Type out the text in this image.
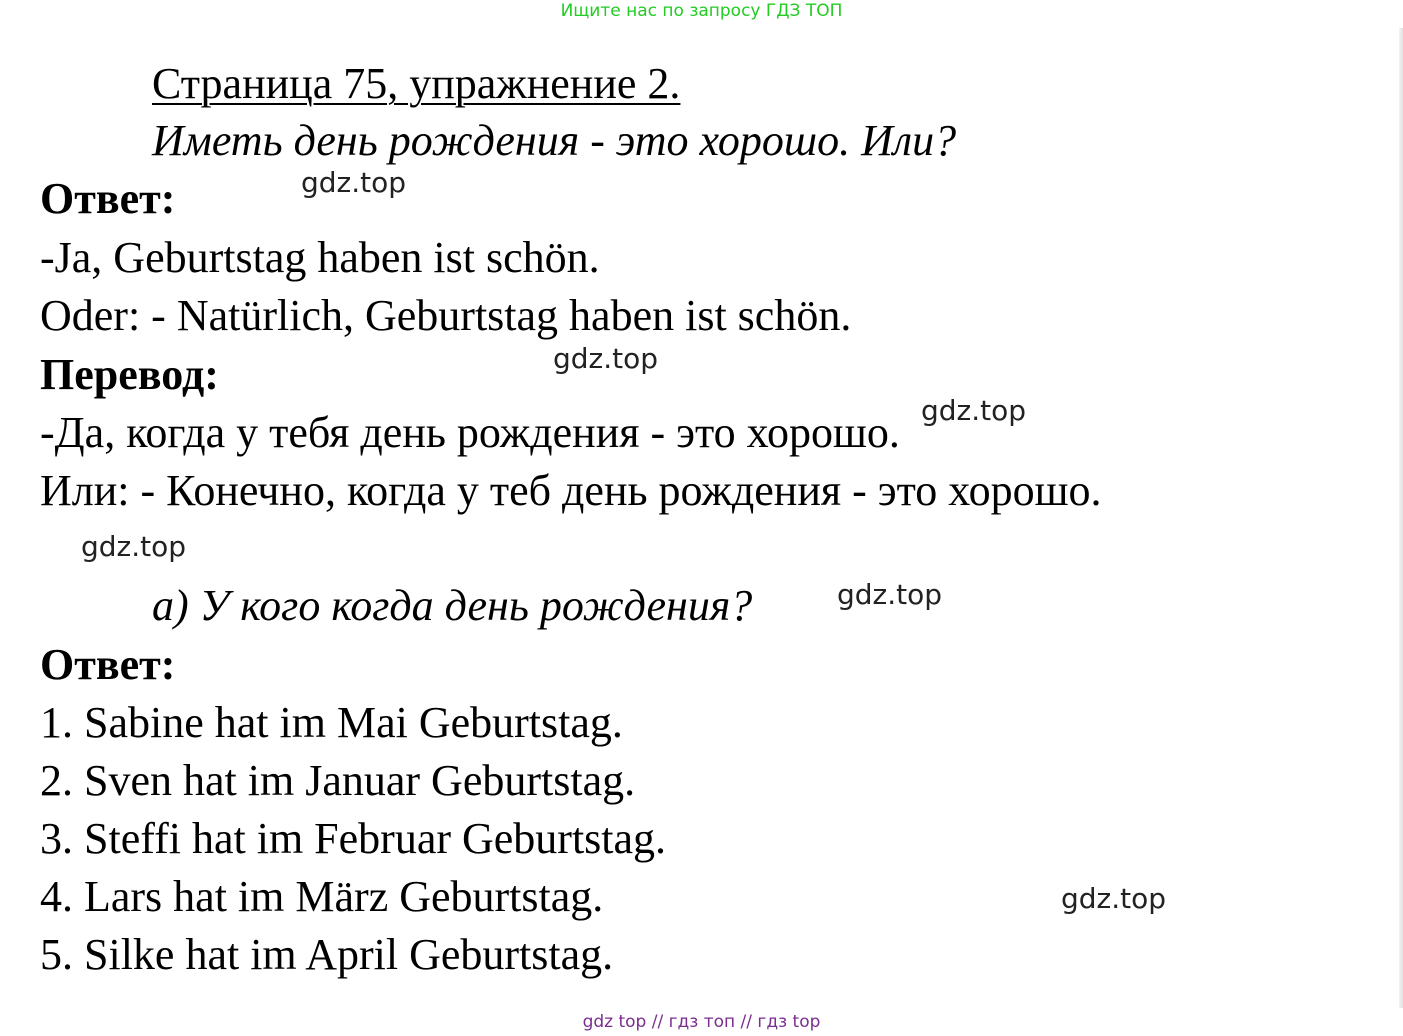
Ищите нас по запросу ГДЗ ТОП
Страница 75, упражнение 2.
Иметь день рождения - это хорошо. Или?
Ответ:
-Ja, Geburtstag haben ist schön.
Oder: - Natürlich, Geburtstag haben ist schön.
Перевод:
-Да, когда у тебя день рождения - это хорошо.
Или: - Конечно, когда у теб день рождения - это хорошо.
а) У кого когда день рождения?
Ответ:
1. Sabine hat im Mai Geburtstag.
2. Sven hat im Januar Geburtstag.
3. Steffi hat im Februar Geburtstag.
4. Lars hat im März Geburtstag.
5. Silke hat im April Geburtstag.
gdz.top
gdz.top
gdz.top
gdz.top
gdz.top
gdz.top
gdz top // гдз топ // гдз top
